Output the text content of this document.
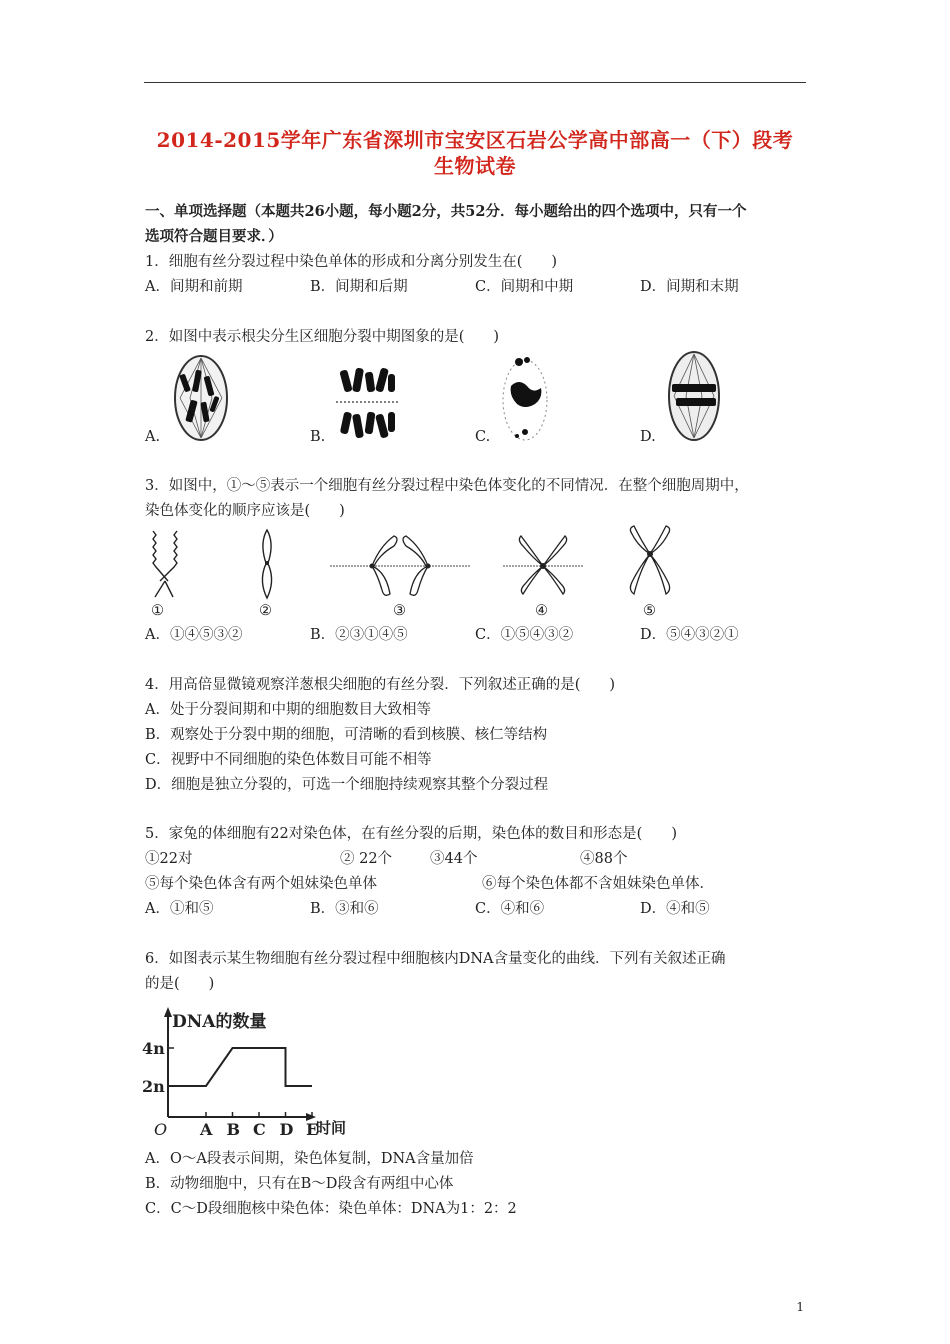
2014-2015学年广东省深圳市宝安区石岩公学高中部高一（下）段考
生物试卷
一、单项选择题（本题共26小题，每小题2分，共52分．每小题给出的四个选项中，只有一个
选项符合题目要求．）
1．细胞有丝分裂过程中染色单体的形成和分离分别发生在(　　)
A．间期和前期	B．间期和后期	C．间期和中期	D．间期和末期
2．如图中表示根尖分生区细胞分裂中期图象的是(　　)
A.	B.	C.	D.
3．如图中，①～⑤表示一个细胞有丝分裂过程中染色体变化的不同情况．在整个细胞周期中，
染色体变化的顺序应该是(　　)
①	②	③	④	⑤
A．①④⑤③②	B．②③①④⑤	C．①⑤④③②	D．⑤④③②①
4．用高倍显微镜观察洋葱根尖细胞的有丝分裂．下列叙述正确的是(　　)
A．处于分裂间期和中期的细胞数目大致相等
B．观察处于分裂中期的细胞，可清晰的看到核膜、核仁等结构
C．视野中不同细胞的染色体数目可能不相等
D．细胞是独立分裂的，可选一个细胞持续观察其整个分裂过程
5．家兔的体细胞有22对染色体，在有丝分裂的后期，染色体的数目和形态是(　　)
①22对	② 22个	③44个	④88个
⑤每个染色体含有两个姐妹染色单体	⑥每个染色体都不含姐妹染色单体．
A．①和⑤	B．③和⑥	C．④和⑥	D．④和⑤
6．如图表示某生物细胞有丝分裂过程中细胞核内DNA含量变化的曲线．下列有关叙述正确
的是(　　)
DNA的数量
时间
O A B C D E
2n
4n
A．O～A段表示间期，染色体复制，DNA含量加倍
B．动物细胞中，只有在B～D段含有两组中心体
C．C～D段细胞核中染色体：染色单体：DNA为1：2：2
1
